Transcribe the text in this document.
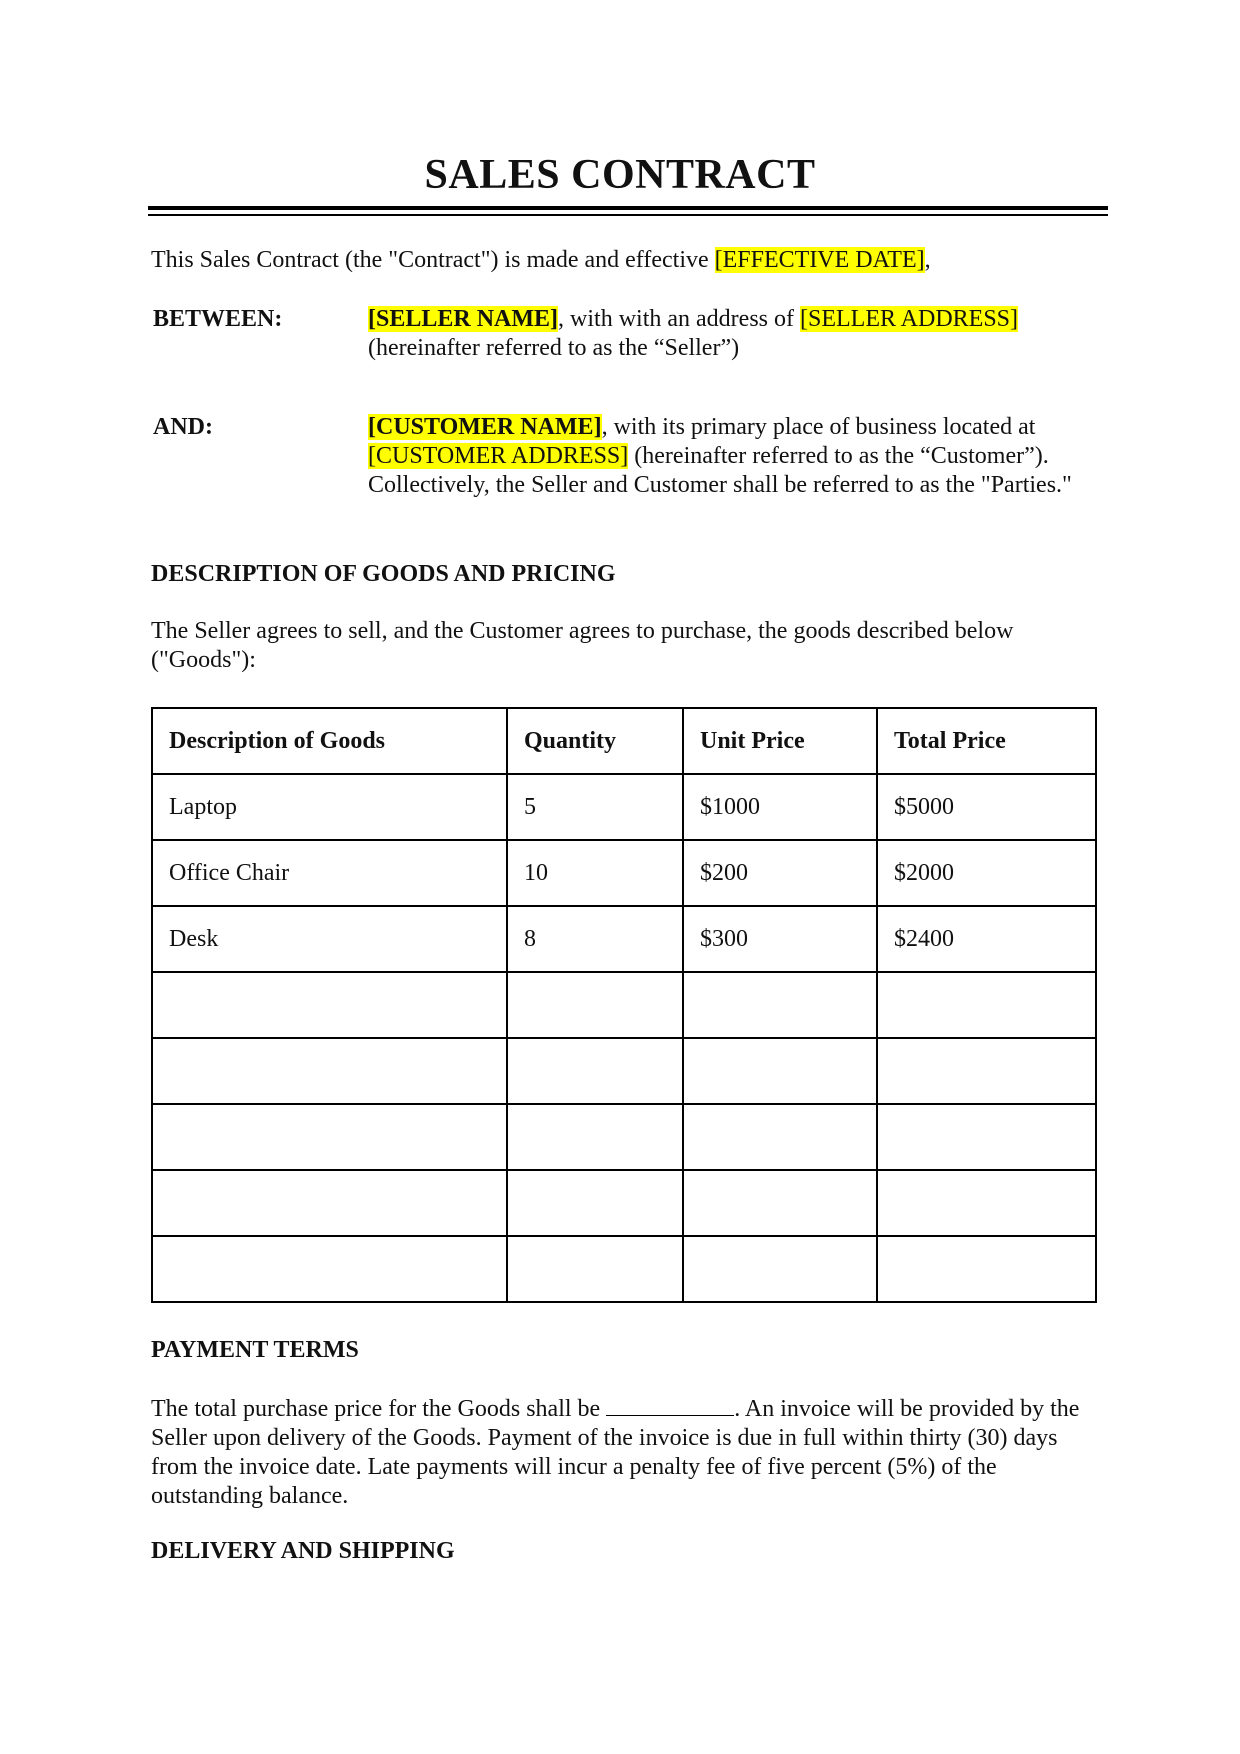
SALES CONTRACT
This Sales Contract (the "Contract") is made and effective [EFFECTIVE DATE],
BETWEEN:	[SELLER NAME], with with an address of [SELLER ADDRESS]
(hereinafter referred to as the “Seller”)
AND:	[CUSTOMER NAME], with its primary place of business located at [CUSTOMER ADDRESS] (hereinafter referred to as the “Customer”). Collectively, the Seller and Customer shall be referred to as the "Parties."
DESCRIPTION OF GOODS AND PRICING
The Seller agrees to sell, and the Customer agrees to purchase, the goods described below ("Goods"):
Description of Goods	Quantity	Unit Price	Total Price
Laptop	5	$1000	$5000
Office Chair	10	$200	$2000
Desk	8	$300	$2400

PAYMENT TERMS
The total purchase price for the Goods shall be	. An invoice will be provided by the Seller upon delivery of the Goods. Payment of the invoice is due in full within thirty (30) days from the invoice date. Late payments will incur a penalty fee of five percent (5%) of the outstanding balance.
DELIVERY AND SHIPPING
